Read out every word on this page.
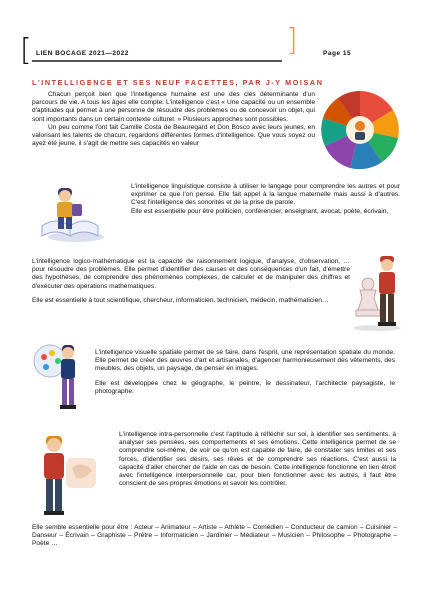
[ LIEN BOCAGE 2021—2022	]	Page 15
L'INTELLIGENCE ET SES NEUF FACETTES, PAR J-Y MOISAN

Chacun perçoit bien que l'intelligence humaine est une des clés déterminante d'un parcours de vie. A tous les âges elle compte. L'intelligence c'est « Une capacité ou un ensemble d'aptitudes qui permet à une personne de résoudre des problèmes ou de concevoir un objet, qui sont importants dans un certain contexte culturel. » Plusieurs approches sont possibles.

Un peu comme l'ont fait Camille Costa de Beauregard et Don Bosco avec leurs jeunes, en valorisant les talents de chacun, regardons différentes formes d'intelligence. Que vous soyez ou ayez été jeune, il s'agit de mettre ses capacités en valeur

L'intelligence linguistique consiste à utiliser le langage pour comprendre les autres et pour exprimer ce que l'on pense. Elle fait appel à la langue maternelle mais aussi à d'autres. C'est l'intelligence des sonorités et de la prise de parole.

Elle est essentielle pour être politicien, conférencier, enseignant, avocat, poète, écrivain,

L'intelligence logico-mathématique est la capacité de raisonnement logique, d'analyse, d'observation, … pour résoudre des problèmes. Elle permet d'identifier des causes et des conséquences d'un fait, d'émettre des hypothèses, de comprendre des phénomènes complexes, de calculer et de manipuler des chiffres et d'exécuter des opérations mathématiques.

Elle est essentielle à tout scientifique, chercheur, informaticien, technicien, médecin, mathématicien…

L'intelligence visuelle spatiale permet de se faire, dans l'esprit, une représentation spatiale du monde. Elle permet de créer des œuvres d'art et artisanales, d'agencer harmonieusement des vêtements, des meubles, des objets, un paysage, de penser en images.

Elle est développée chez le géographe, le peintre, le dessinateur, l'architecte paysagiste, le photographe.

L'intelligence intra-personnelle c'est l'aptitude à réfléchir sur soi, à identifier ses sentiments, à analyser ses pensées, ses comportements et ses émotions. Cette intelligence permet de se comprendre soi-même, de voir ce qu'on est capable de faire, de constater ses limites et ses forces, d'identifier ses désirs, ses rêves et de comprendre ses réactions. C'est aussi la capacité d'aller chercher de l'aide en cas de besoin. Cette intelligence fonctionne en lien étroit avec l'intelligence interpersonnelle car, pour bien fonctionner avec les autres, il faut être conscient de ses propres émotions et savoir les contrôler.

Elle semble essentielle pour être : Acteur – Animateur – Artiste – Athlète – Comédien – Conducteur de camion – Cuisinier – Danseur – Écrivain – Graphiste – Prêtre – Informaticien – Jardinier – Médiateur – Musicien – Philosophe – Photographe – Poète …
